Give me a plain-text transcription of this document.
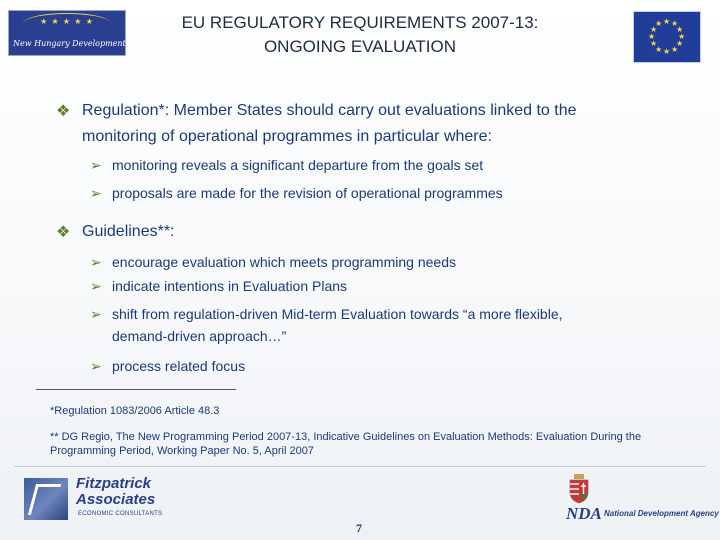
★ ★ ★ ★ ★
New Hungary Development Plan
EU REGULATORY REQUIREMENTS 2007-13:
ONGOING EVALUATION
★ ★
★
★
★
★
★
★
★
★
★
★
❖ Regulation*: Member States should carry out evaluations linked to the
monitoring of operational programmes in particular where:
➢ monitoring reveals a significant departure from the goals set
➢ proposals are made for the revision of operational programmes
❖ Guidelines**:
➢ encourage evaluation which meets programming needs
➢ indicate intentions in Evaluation Plans
➢ shift from regulation-driven Mid-term Evaluation towards “a more flexible,
demand-driven approach…”
➢ process related focus
*Regulation 1083/2006 Article 48.3
** DG Regio, The New Programming Period 2007-13, Indicative Guidelines on Evaluation Methods: Evaluation During the
Programming Period, Working Paper No. 5, April 2007
Fitzpatrick
Associates
ECONOMIC CONSULTANTS
7
NDA National Development Agency
